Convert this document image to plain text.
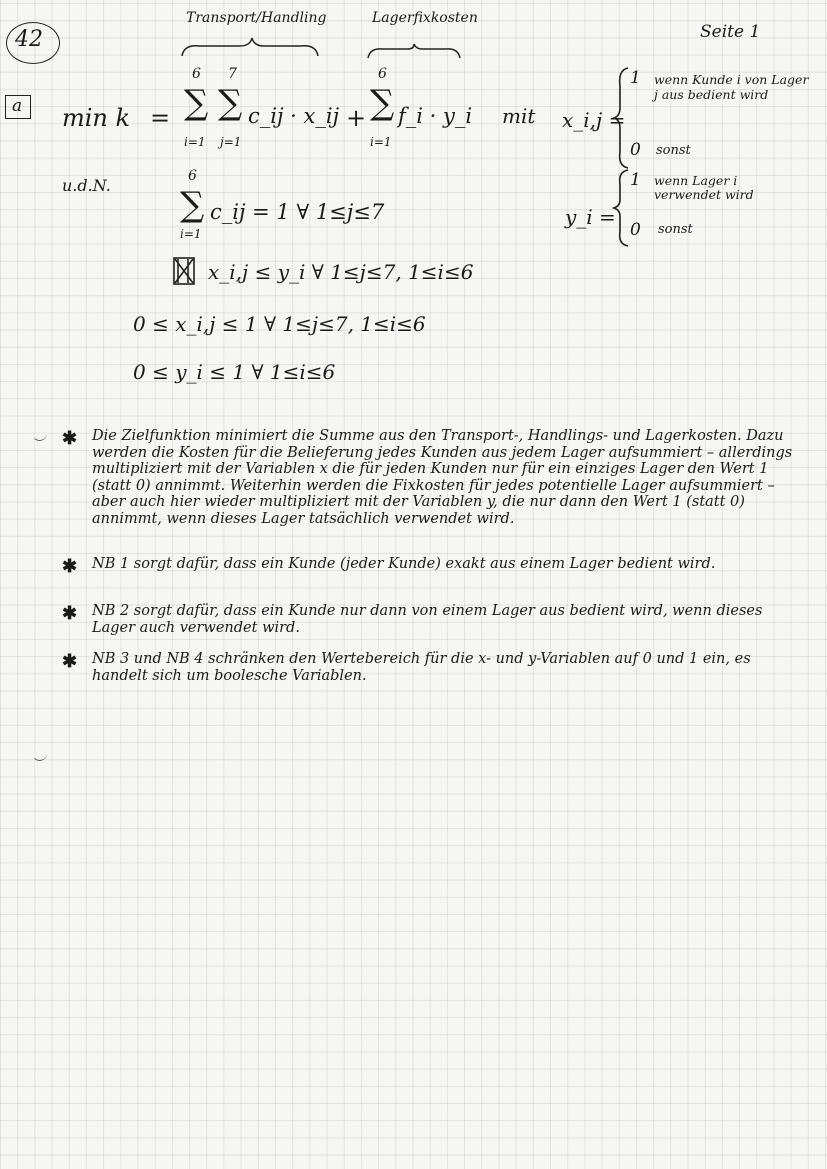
42
Transport/Handling	Lagerfixkosten
Seite 1
a min k =
6
∑
i=1
7
∑
j=1
c_ij · x_ij +
6
∑
i=1
f_i · y_i mit x_i,j =
1 wenn Kunde i von Lager j aus bedient wird
0 sonst
u.d.N.
y_i =
1 wenn Lager i verwendet wird
0 sonst
6
∑
i=1
c_ij = 1 ∀ 1≤j≤7
x_i,j ≤ y_i ∀ 1≤j≤7, 1≤i≤6
0 ≤ x_i,j ≤ 1 ∀ 1≤j≤7, 1≤i≤6
0 ≤ y_i ≤ 1 ∀ 1≤i≤6
✱ Die Zielfunktion minimiert die Summe aus den Transport-, Handlings- und Lagerkosten. Dazu werden die Kosten für die Belieferung jedes Kunden aus jedem Lager aufsummiert – allerdings multipliziert mit der Variablen x die für jeden Kunden nur für ein einziges Lager den Wert 1 (statt 0) annimmt. Weiterhin werden die Fixkosten für jedes potentielle Lager aufsummiert – aber auch hier wieder multipliziert mit der Variablen y, die nur dann den Wert 1 (statt 0) annimmt, wenn dieses Lager tatsächlich verwendet wird.
✱ NB 1 sorgt dafür, dass ein Kunde (jeder Kunde) exakt aus einem Lager bedient wird.
✱ NB 2 sorgt dafür, dass ein Kunde nur dann von einem Lager aus bedient wird, wenn dieses Lager auch verwendet wird.
✱ NB 3 und NB 4 schränken den Wertebereich für die x- und y-Variablen auf 0 und 1 ein, es handelt sich um boolesche Variablen.
